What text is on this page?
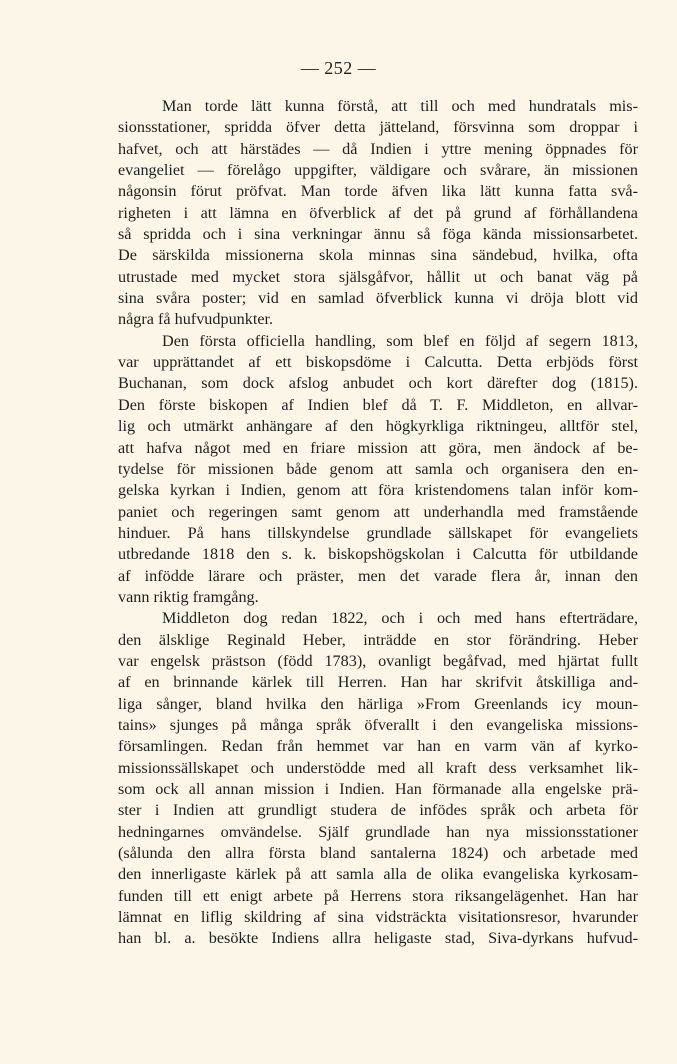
— 252 —
Man torde lätt kunna förstå, att till och med hundratals mis-
sionsstationer, spridda öfver detta jätteland, försvinna som droppar i
hafvet, och att härstädes — då Indien i yttre mening öppnades för
evangeliet — förelågo uppgifter, väldigare och svårare, än missionen
någonsin förut pröfvat. Man torde äfven lika lätt kunna fatta svå-
righeten i att lämna en öfverblick af det på grund af förhållandena
så spridda och i sina verkningar ännu så föga kända missionsarbetet.
De särskilda missionerna skola minnas sina sändebud, hvilka, ofta
utrustade med mycket stora själsgåfvor, hållit ut och banat väg på
sina svåra poster; vid en samlad öfverblick kunna vi dröja blott vid
några få hufvudpunkter.
Den första officiella handling, som blef en följd af segern 1813,
var upprättandet af ett biskopsdöme i Calcutta. Detta erbjöds först
Buchanan, som dock afslog anbudet och kort därefter dog (1815).
Den förste biskopen af Indien blef då T. F. Middleton, en allvar-
lig och utmärkt anhängare af den högkyrkliga riktningeu, alltför stel,
att hafva något med en friare mission att göra, men ändock af be-
tydelse för missionen både genom att samla och organisera den en-
gelska kyrkan i Indien, genom att föra kristendomens talan inför kom-
paniet och regeringen samt genom att underhandla med framstående
hinduer. På hans tillskyndelse grundlade sällskapet för evangeliets
utbredande 1818 den s. k. biskopshögskolan i Calcutta för utbildande
af infödde lärare och präster, men det varade flera år, innan den
vann riktig framgång.
Middleton dog redan 1822, och i och med hans efterträdare,
den älsklige Reginald Heber, inträdde en stor förändring. Heber
var engelsk prästson (född 1783), ovanligt begåfvad, med hjärtat fullt
af en brinnande kärlek till Herren. Han har skrifvit åtskilliga and-
liga sånger, bland hvilka den härliga »From Greenlands icy moun-
tains» sjunges på många språk öfverallt i den evangeliska missions-
församlingen. Redan från hemmet var han en varm vän af kyrko-
missionssällskapet och understödde med all kraft dess verksamhet lik-
som ock all annan mission i Indien. Han förmanade alla engelske prä-
ster i Indien att grundligt studera de infödes språk och arbeta för
hedningarnes omvändelse. Själf grundlade han nya missionsstationer
(sålunda den allra första bland santalerna 1824) och arbetade med
den innerligaste kärlek på att samla alla de olika evangeliska kyrkosam-
funden till ett enigt arbete på Herrens stora riksangelägenhet. Han har
lämnat en liflig skildring af sina vidsträckta visitationsresor, hvarunder
han bl. a. besökte Indiens allra heligaste stad, Siva-dyrkans hufvud-
